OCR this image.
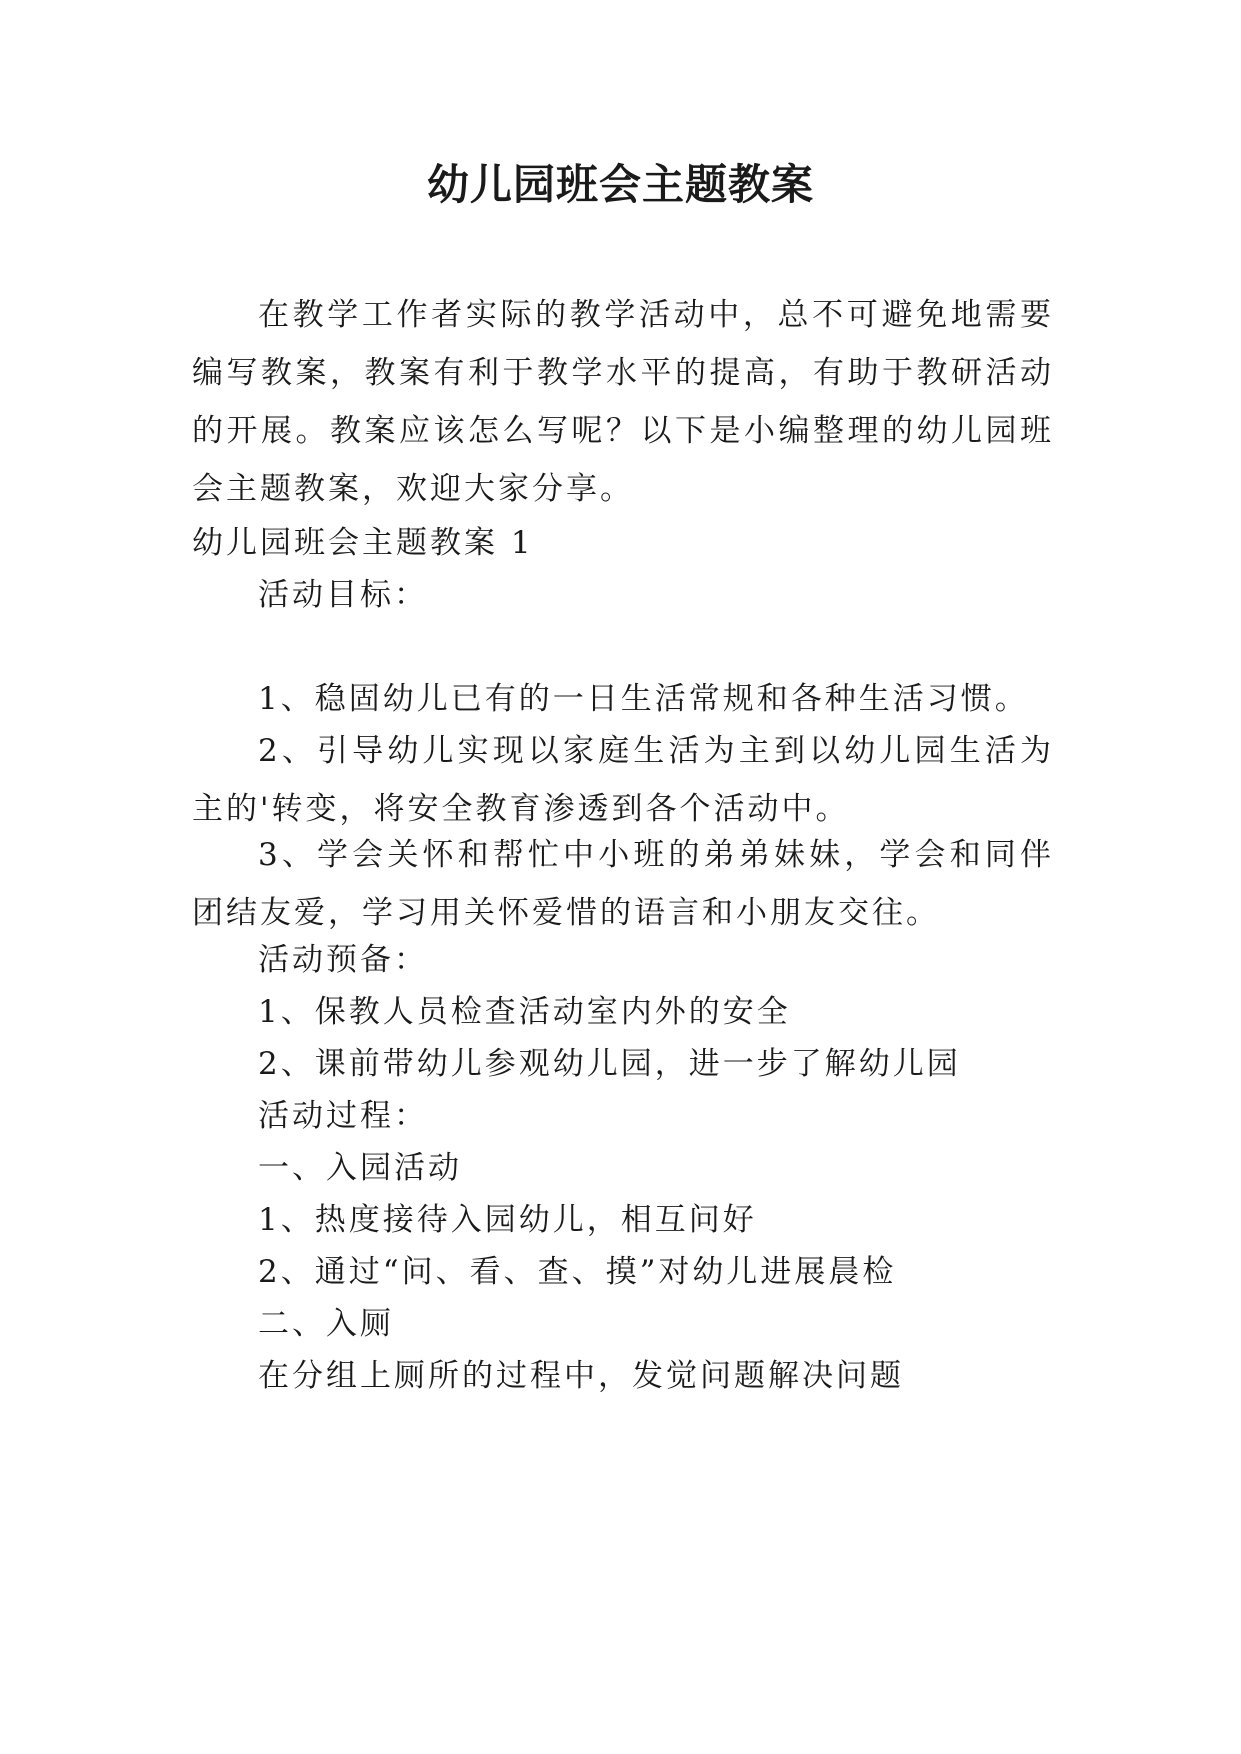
幼儿园班会主题教案

在教学工作者实际的教学活动中，总不可避免地需要编写教案，教案有利于教学水平的提高，有助于教研活动的开展。教案应该怎么写呢？以下是小编整理的幼儿园班会主题教案，欢迎大家分享。

幼儿园班会主题教案 1

活动目标：

1、稳固幼儿已有的一日生活常规和各种生活习惯。

2、引导幼儿实现以家庭生活为主到以幼儿园生活为主的'转变，将安全教育渗透到各个活动中。

3、学会关怀和帮忙中小班的弟弟妹妹，学会和同伴团结友爱，学习用关怀爱惜的语言和小朋友交往。

活动预备：

1、保教人员检查活动室内外的安全

2、课前带幼儿参观幼儿园，进一步了解幼儿园

活动过程：

一、入园活动

1、热度接待入园幼儿，相互问好

2、通过“问、看、查、摸”对幼儿进展晨检

二、入厕

在分组上厕所的过程中，发觉问题解决问题
